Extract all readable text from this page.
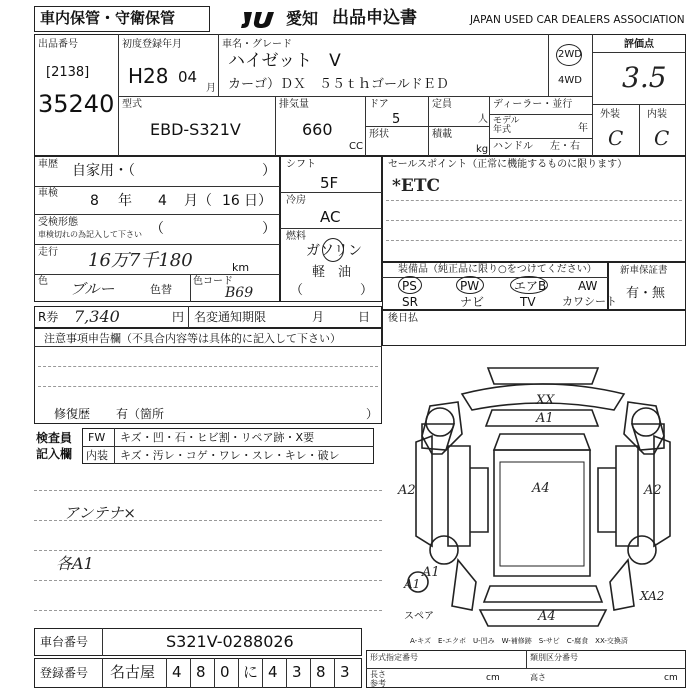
車内保管・守衛保管	愛知 出品申込書	JAPAN USED CAR DEALERS ASSOCIATION
出品番号
[2138]
35240
初度登録年月
H28 04
月
車名・グレード
ハイゼット　V
カーゴ）ＤＸ　５５ｔｈゴールドＥＤ
2WD
4WD
評価点
3.5
外装	内装
C C
型式
EBD-S321V
排気量
660
CC
ドア
5
定員
人
形状	積載
kg
ディーラー・並行
モデル
年式	年
ハンドル 左・右
車歴 自家用・（	）
車検 8 年 4 月（ 16 日）
受検形態
車検切れの為記入して下さい （	）
走行 16万7千180	km
色 ブルー	色替
色コード
B69
シフト
5F
冷房
AC
燃料
ガソリン
軽　油
（	）
セールスポイント（正常に機能するものに限ります）
*ETC
装備品（純正品に限り○をつけてください）
PS	PW	エアB	AW
SR	ナビ	TV カワシート
新車保証書
有・無
R券 7,340	円 名変通知期限	月	日 後日払
注意事項申告欄（不具合内容等は具体的に記入して下さい）
修復歴 有（箇所	）
検査員
記入欄
FW キズ・凹・石・ヒビ割・リペア跡・X要
内装 キズ・汚レ・コゲ・ワレ・スレ・キレ・破レ
アンテナ×
各A1
XX
A1
A2	A4
A1
A2
A1
A4
XA2
スペア
A-キズ　E-エクボ　U-凹み　W-補修跡　S-サビ　C-腐食　XX-交換済
車台番号	S321V-0288026
登録番号 名古屋 4 8 0 に 4 3 8 3
形式指定番号	類別区分番号
長さ
参考
cm	高さ	cm
